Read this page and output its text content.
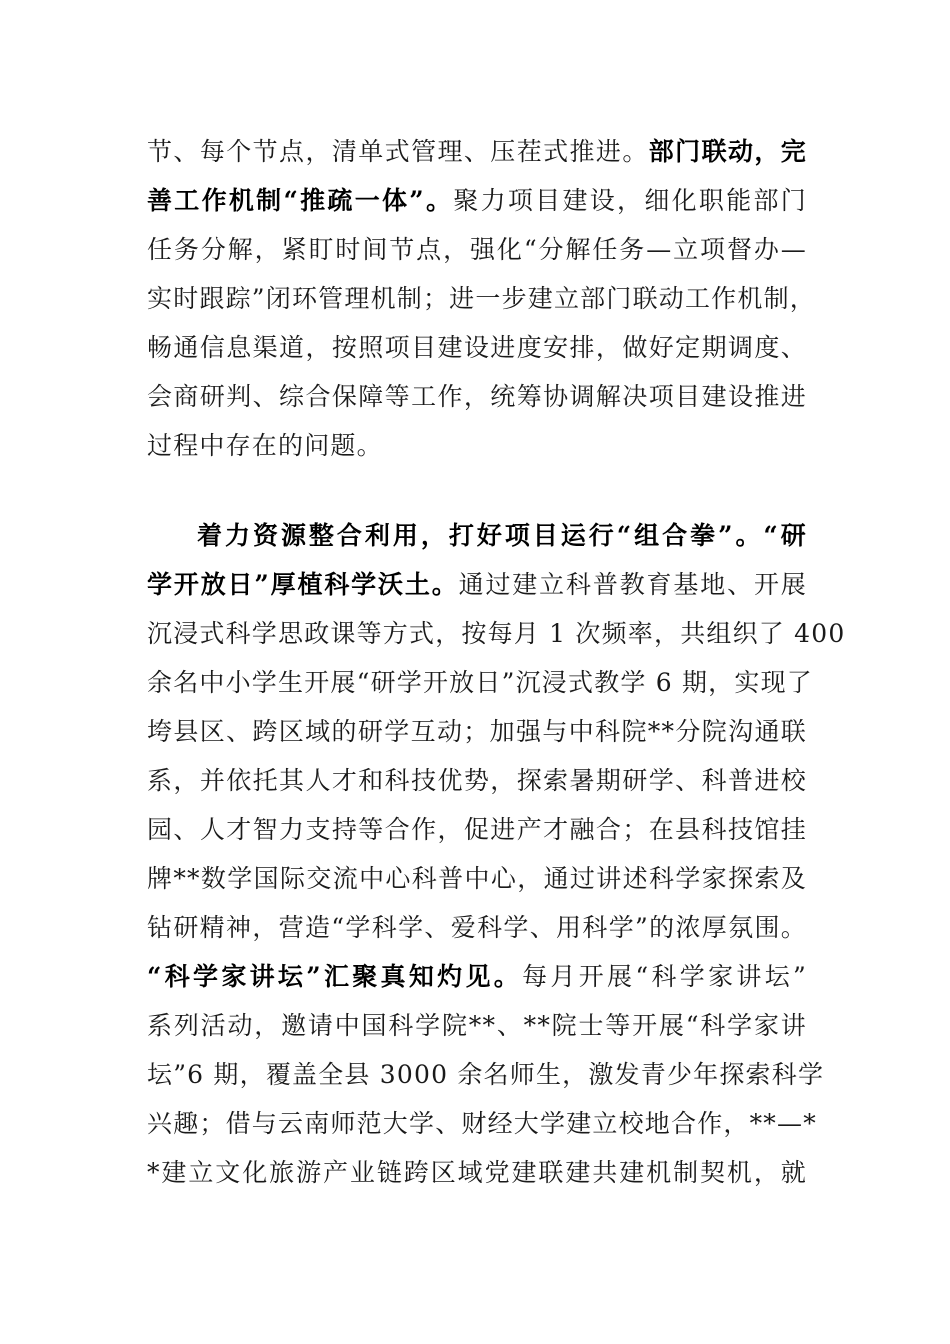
节、每个节点，清单式管理、压茬式推进。部门联动，完
善工作机制“推疏一体”。聚力项目建设，细化职能部门
任务分解，紧盯时间节点，强化“分解任务—立项督办—
实时跟踪”闭环管理机制；进一步建立部门联动工作机制，
畅通信息渠道，按照项目建设进度安排，做好定期调度、
会商研判、综合保障等工作，统筹协调解决项目建设推进
过程中存在的问题。
着力资源整合利用，打好项目运行“组合拳”。“研
学开放日”厚植科学沃土。通过建立科普教育基地、开展
沉浸式科学思政课等方式，按每月 1 次频率，共组织了 400
余名中小学生开展“研学开放日”沉浸式教学 6 期，实现了
垮县区、跨区域的研学互动；加强与中科院**分院沟通联
系，并依托其人才和科技优势，探索暑期研学、科普进校
园、人才智力支持等合作，促进产才融合；在县科技馆挂
牌**数学国际交流中心科普中心，通过讲述科学家探索及
钻研精神，营造“学科学、爱科学、用科学”的浓厚氛围。
“科学家讲坛”汇聚真知灼见。每月开展“科学家讲坛”
系列活动，邀请中国科学院**、**院士等开展“科学家讲
坛”6 期，覆盖全县 3000 余名师生，激发青少年探索科学
兴趣；借与云南师范大学、财经大学建立校地合作，**—*
*建立文化旅游产业链跨区域党建联建共建机制契机，就
